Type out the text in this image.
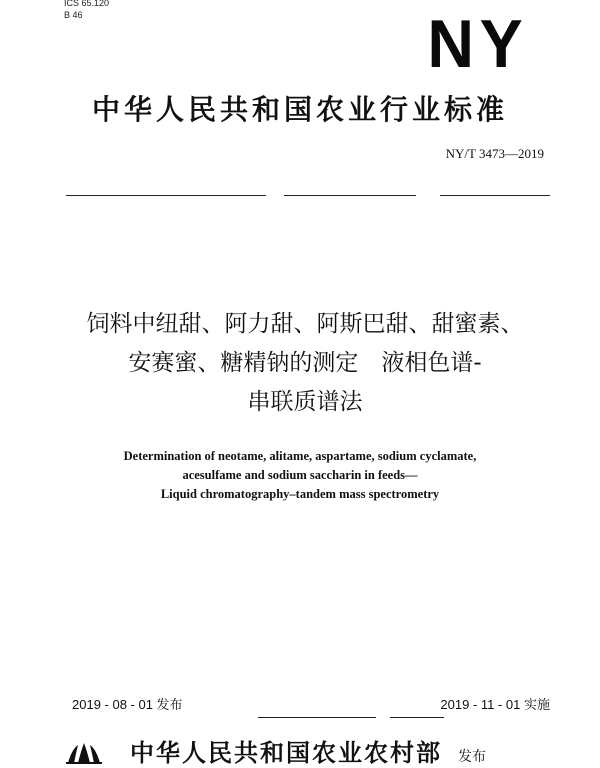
ICS 65.120
B 46	NY
中华人民共和国农业行业标准
NY/T 3473—2019
饲料中纽甜、阿力甜、阿斯巴甜、甜蜜素、
安赛蜜、糖精钠的测定　液相色谱-
串联质谱法
Determination of neotame, alitame, aspartame, sodium cyclamate,
acesulfame and sodium saccharin in feeds—
Liquid chromatography–tandem mass spectrometry
2019 - 08 - 01 发布	2019 - 11 - 01 实施
中华人民共和国农业农村部 发布
